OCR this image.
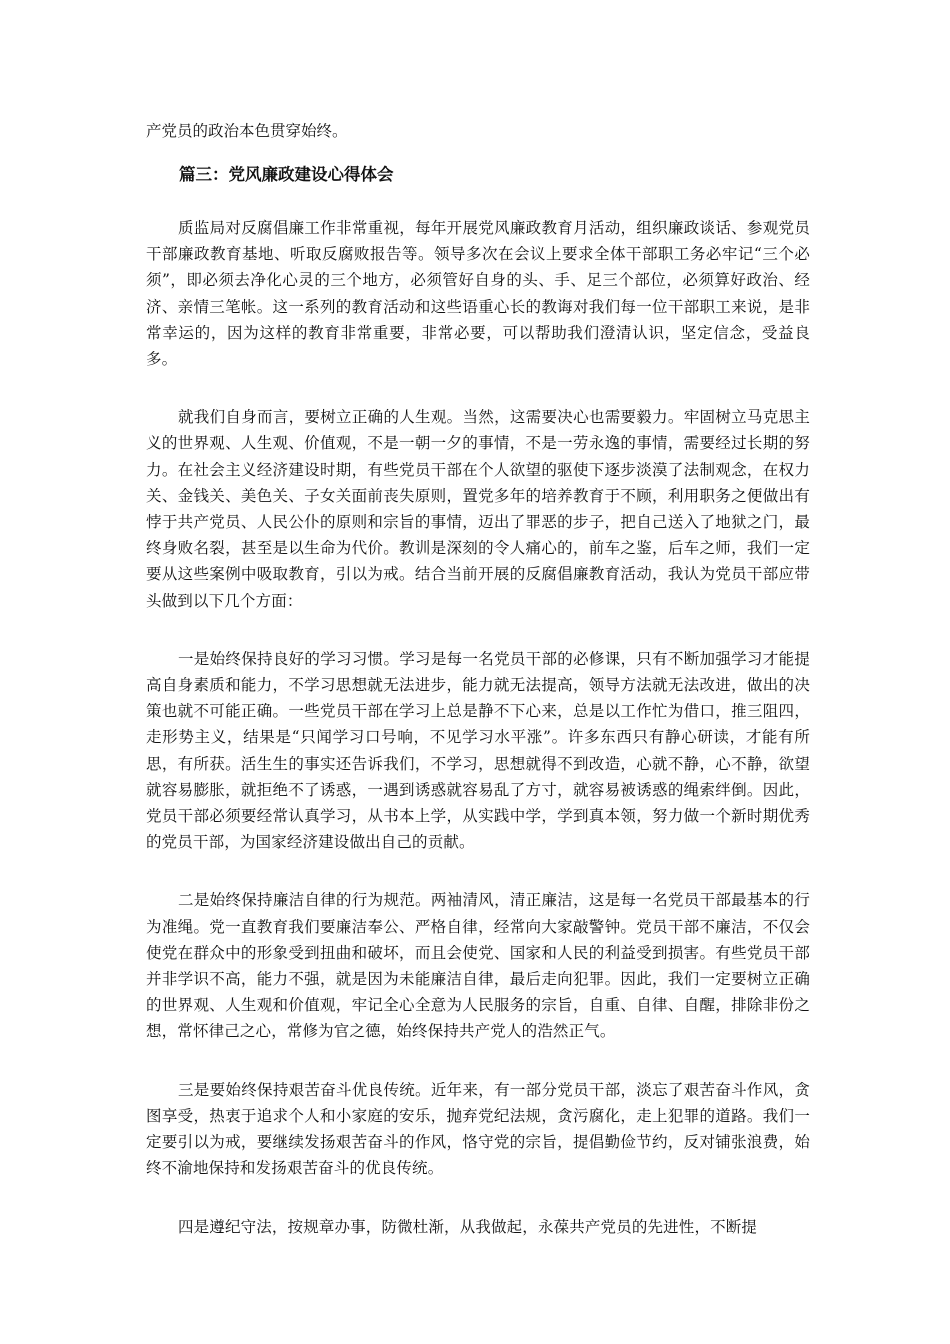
产党员的政治本色贯穿始终。

篇三：党风廉政建设心得体会

质监局对反腐倡廉工作非常重视，每年开展党风廉政教育月活动，组织廉政谈话、参观党员干部廉政教育基地、听取反腐败报告等。领导多次在会议上要求全体干部职工务必牢记“三个必须”，即必须去净化心灵的三个地方，必须管好自身的头、手、足三个部位，必须算好政治、经济、亲情三笔帐。这一系列的教育活动和这些语重心长的教诲对我们每一位干部职工来说，是非常幸运的，因为这样的教育非常重要，非常必要，可以帮助我们澄清认识，坚定信念，受益良多。

就我们自身而言，要树立正确的人生观。当然，这需要决心也需要毅力。牢固树立马克思主义的世界观、人生观、价值观，不是一朝一夕的事情，不是一劳永逸的事情，需要经过长期的努力。在社会主义经济建设时期，有些党员干部在个人欲望的驱使下逐步淡漠了法制观念，在权力关、金钱关、美色关、子女关面前丧失原则，置党多年的培养教育于不顾，利用职务之便做出有悖于共产党员、人民公仆的原则和宗旨的事情，迈出了罪恶的步子，把自己送入了地狱之门，最终身败名裂，甚至是以生命为代价。教训是深刻的令人痛心的，前车之鉴，后车之师，我们一定要从这些案例中吸取教育，引以为戒。结合当前开展的反腐倡廉教育活动，我认为党员干部应带头做到以下几个方面：

一是始终保持良好的学习习惯。学习是每一名党员干部的必修课，只有不断加强学习才能提高自身素质和能力，不学习思想就无法进步，能力就无法提高，领导方法就无法改进，做出的决策也就不可能正确。一些党员干部在学习上总是静不下心来，总是以工作忙为借口，推三阻四，走形势主义，结果是“只闻学习口号响，不见学习水平涨”。许多东西只有静心研读，才能有所思，有所获。活生生的事实还告诉我们，不学习，思想就得不到改造，心就不静，心不静，欲望就容易膨胀，就拒绝不了诱惑，一遇到诱惑就容易乱了方寸，就容易被诱惑的绳索绊倒。因此，党员干部必须要经常认真学习，从书本上学，从实践中学，学到真本领，努力做一个新时期优秀的党员干部，为国家经济建设做出自己的贡献。

二是始终保持廉洁自律的行为规范。两袖清风，清正廉洁，这是每一名党员干部最基本的行为准绳。党一直教育我们要廉洁奉公、严格自律，经常向大家敲警钟。党员干部不廉洁，不仅会使党在群众中的形象受到扭曲和破坏，而且会使党、国家和人民的利益受到损害。有些党员干部并非学识不高，能力不强，就是因为未能廉洁自律，最后走向犯罪。因此，我们一定要树立正确的世界观、人生观和价值观，牢记全心全意为人民服务的宗旨，自重、自律、自醒，排除非份之想，常怀律己之心，常修为官之德，始终保持共产党人的浩然正气。

三是要始终保持艰苦奋斗优良传统。近年来，有一部分党员干部，淡忘了艰苦奋斗作风，贪图享受，热衷于追求个人和小家庭的安乐，抛弃党纪法规，贪污腐化，走上犯罪的道路。我们一定要引以为戒，要继续发扬艰苦奋斗的作风，恪守党的宗旨，提倡勤俭节约，反对铺张浪费，始终不渝地保持和发扬艰苦奋斗的优良传统。

四是遵纪守法，按规章办事，防微杜渐，从我做起，永葆共产党员的先进性，不断提
